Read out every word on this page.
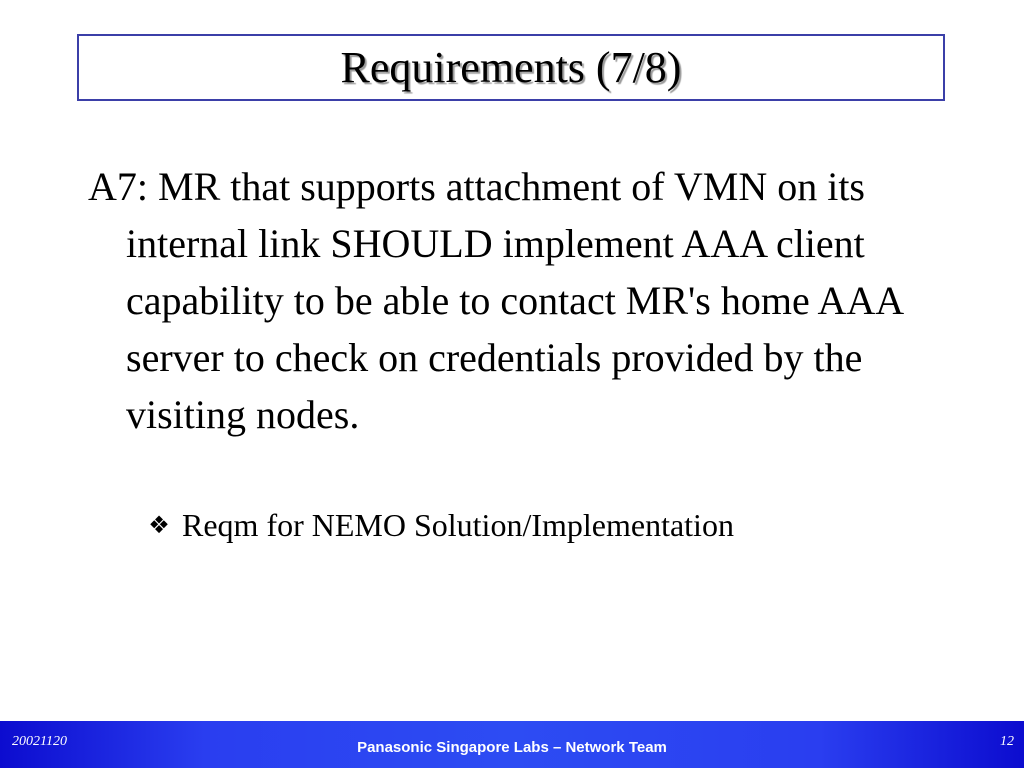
Requirements (7/8)

A7: MR that supports attachment of VMN on its internal link SHOULD implement AAA client capability to be able to contact MR's home AAA server to check on credentials provided by the visiting nodes.

❖ Reqm for NEMO Solution/Implementation
20021120	Panasonic Singapore Labs – Network Team	12
